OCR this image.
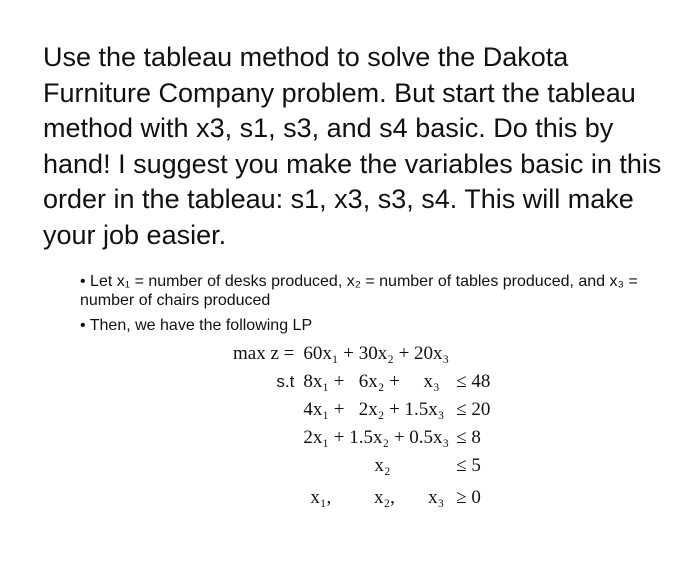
Use the tableau method to solve the Dakota Furniture Company problem. But start the tableau method with x3, s1, s3, and s4 basic. Do this by hand! I suggest you make the variables basic in this order in the tableau: s1, x3, s3, s4. This will make your job easier.

• Let x₁ = number of desks produced, x₂ = number of tables produced, and x₃ = number of chairs produced
• Then, we have the following LP
max z =	60x₁ + 30x₂ + 20x₃	
s.t	8x₁ +   6x₂ +     x₃	≤ 48
	4x₁ +   2x₂ + 1.5x₃	≤ 20
	2x₁ + 1.5x₂ + 0.5x₃	≤ 8
	x₂	≤ 5
	x₁,         x₂,       x₃	≥ 0
